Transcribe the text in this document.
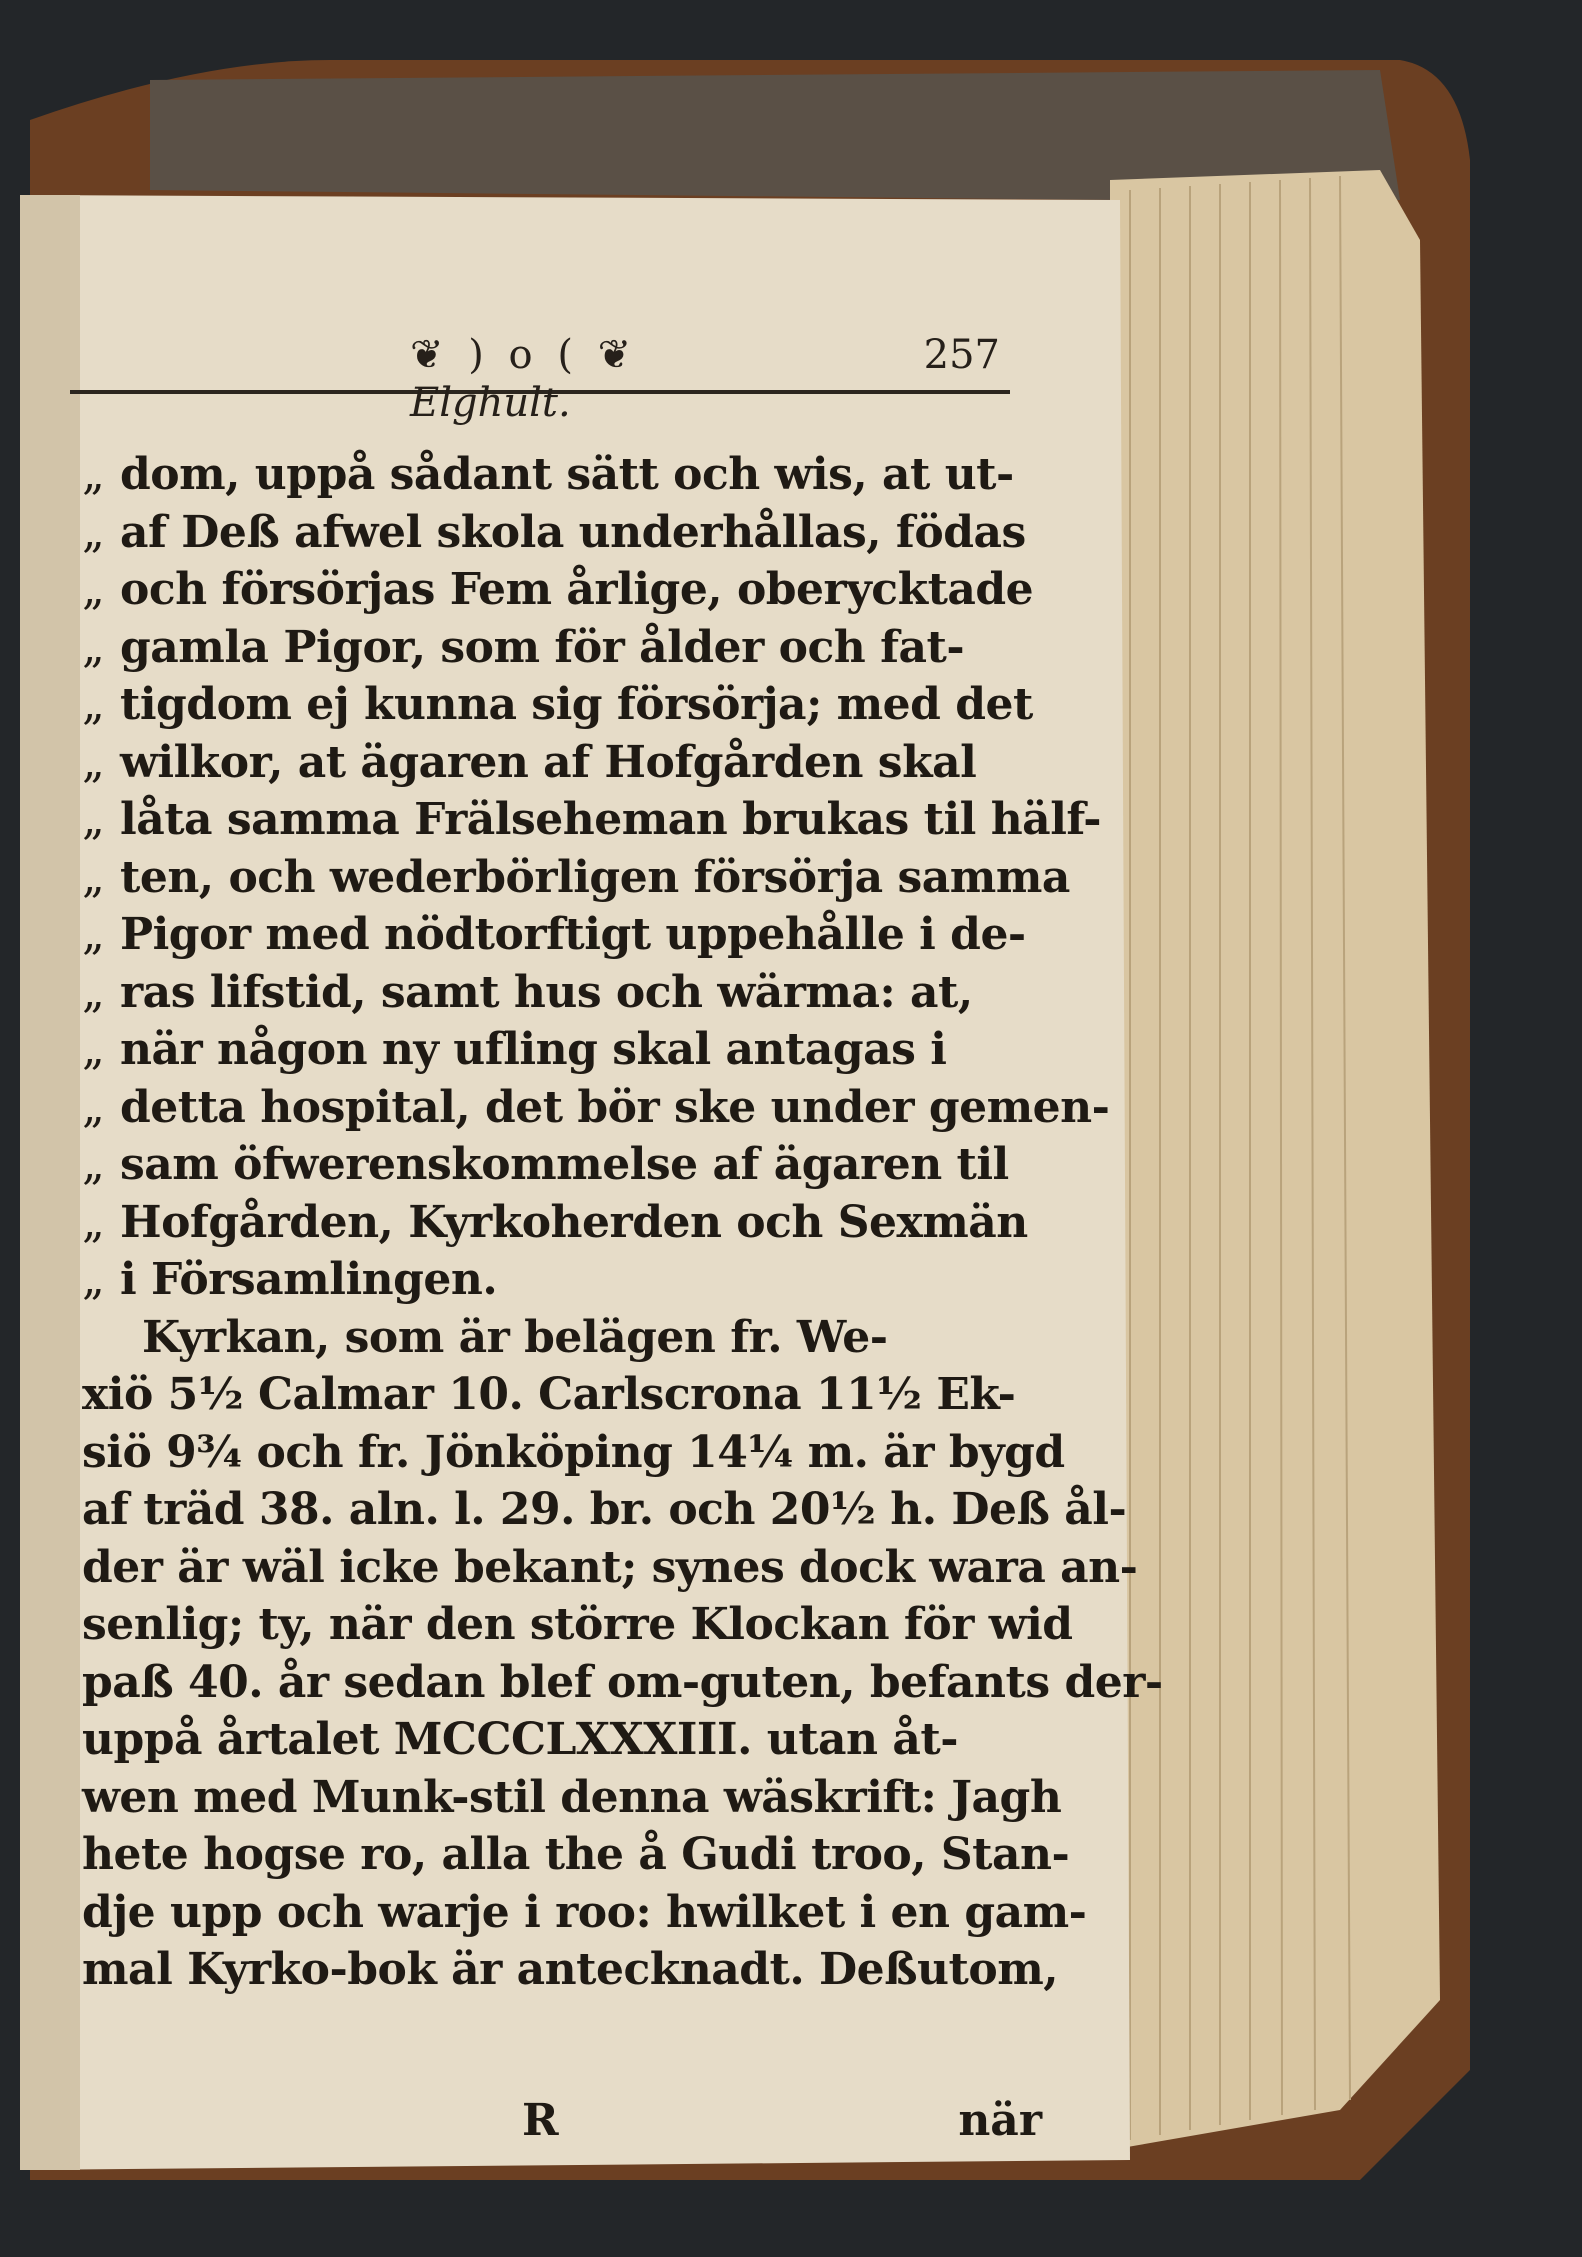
❦ ) o ( ❦	257
Elghult.
„ dom, uppå sådant sätt och wis, at ut-
„ af Deß afwel skola underhållas, födas
„ och försörjas Fem årlige, oberycktade
„ gamla Pigor, som för ålder och fat-
„ tigdom ej kunna sig försörja; med det
„ wilkor, at ägaren af Hofgården skal
„ låta samma Frälseheman brukas til hälf-
„ ten, och wederbörligen försörja samma
„ Pigor med nödtorftigt uppehålle i de-
„ ras lifstid, samt hus och wärma: at,
„ när någon ny ufling skal antagas i
„ detta hospital, det bör ske under gemen-
„ sam öfwerenskommelse af ägaren til
„ Hofgården, Kyrkoherden och Sexmän
„ i Församlingen.
Kyrkan, som är belägen fr. We-
xiö 5½ Calmar 10. Carlscrona 11½ Ek-
siö 9¾ och fr. Jönköping 14¼ m. är bygd
af träd 38. aln. l. 29. br. och 20½ h. Deß ål-
der är wäl icke bekant; synes dock wara an-
senlig; ty, när den större Klockan för wid
paß 40. år sedan blef om-guten, befants der-
uppå årtalet MCCCLXXXIII. utan åt-
wen med Munk-stil denna wäskrift: Jagh
hete hogse ro, alla the å Gudi troo, Stan-
dje upp och warje i roo: hwilket i en gam-
mal Kyrko-bok är antecknadt. Deßutom,
R	när
